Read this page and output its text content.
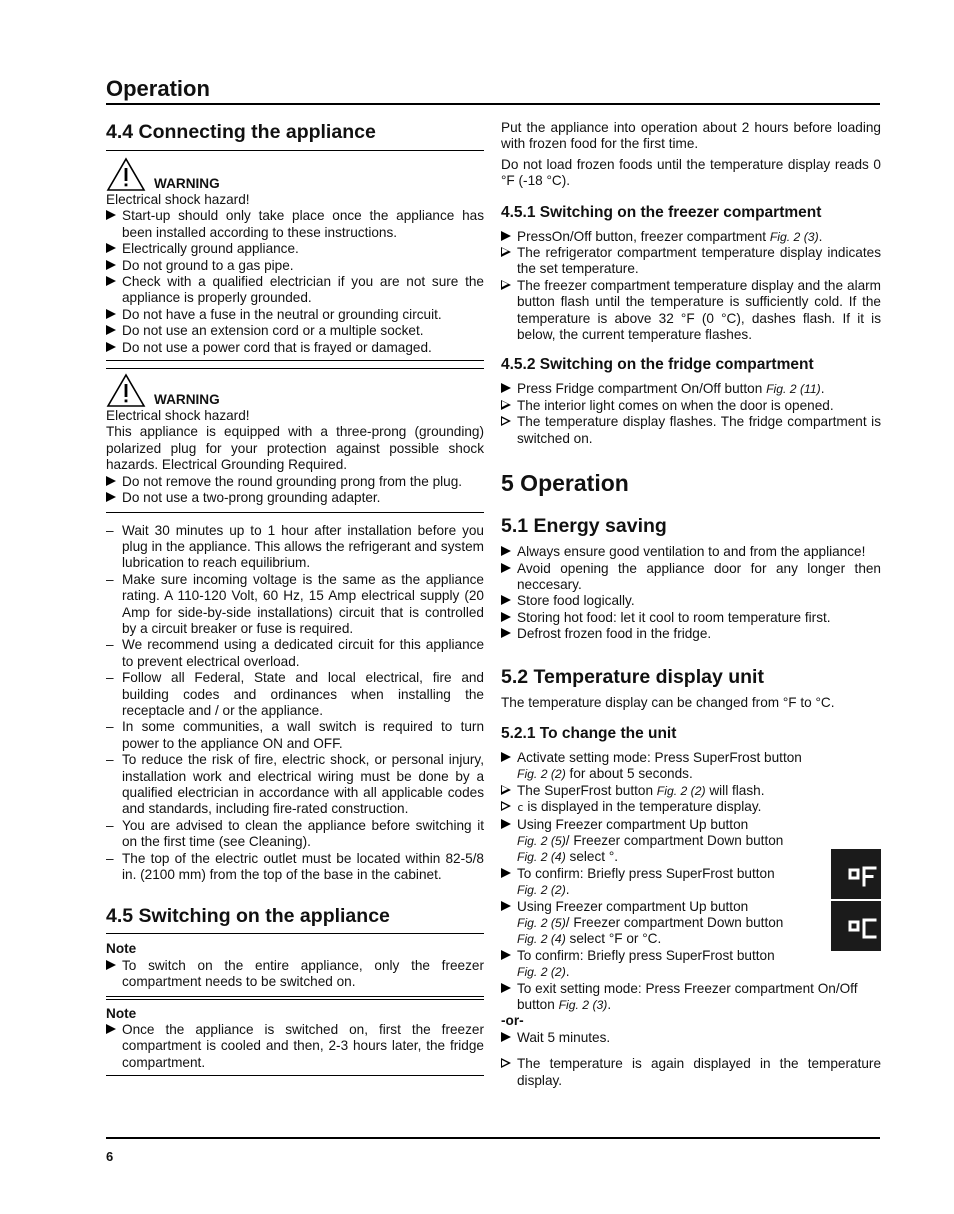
Operation
4.4 Connecting the appliance
WARNING

Electrical shock hazard!

Start-up should only take place once the appliance has been installed according to these instructions.
Electrically ground appliance.
Do not ground to a gas pipe.
Check with a qualified electrician if you are not sure the appliance is properly grounded.
Do not have a fuse in the neutral or grounding circuit.
Do not use an extension cord or a multiple socket.
Do not use a power cord that is frayed or damaged.
WARNING

Electrical shock hazard!

This appliance is equipped with a three-prong (grounding) polarized plug for your protection against possible shock hazards. Electrical Grounding Required.

Do not remove the round grounding prong from the plug.
Do not use a two-prong grounding adapter.
– Wait 30 minutes up to 1 hour after installation before you plug in the appliance. This allows the refrigerant and system lubrication to reach equilibrium.
– Make sure incoming voltage is the same as the appliance rating. A 110-120 Volt, 60 Hz, 15 Amp electrical supply (20 Amp for side-by-side installations) circuit that is controlled by a circuit breaker or fuse is required.
– We recommend using a dedicated circuit for this appliance to prevent electrical overload.
– Follow all Federal, State and local electrical, fire and building codes and ordinances when installing the receptacle and / or the appliance.
– In some communities, a wall switch is required to turn power to the appliance ON and OFF.
– To reduce the risk of fire, electric shock, or personal injury, installation work and electrical wiring must be done by a qualified electrician in accordance with all applicable codes and standards, including fire-rated construction.
– You are advised to clean the appliance before switching it on the first time (see Cleaning).
– The top of the electric outlet must be located within 82-5/8 in. (2100 mm) from the top of the base in the cabinet.
4.5 Switching on the appliance

Note

To switch on the entire appliance, only the freezer compartment needs to be switched on.

Note

Once the appliance is switched on, first the freezer compartment is cooled and then, 2-3 hours later, the fridge compartment.

Put the appliance into operation about 2 hours before loading with frozen food for the first time.

Do not load frozen foods until the temperature display reads 0 °F (-18 °C).

4.5.1 Switching on the freezer compartment
PressOn/Off button, freezer compartment Fig. 2 (3).
The refrigerator compartment temperature display indicates the set temperature.
The freezer compartment temperature display and the alarm button flash until the temperature is sufficiently cold. If the temperature is above 32 °F (0 °C), dashes flash. If it is below, the current temperature flashes.
4.5.2 Switching on the fridge compartment
Press Fridge compartment On/Off button Fig. 2 (11).
The interior light comes on when the door is opened.
The temperature display flashes. The fridge compartment is switched on.
5 Operation
5.1 Energy saving
Always ensure good ventilation to and from the appliance!
Avoid opening the appliance door for any longer then neccesary.
Store food logically.
Storing hot food: let it cool to room temperature first.
Defrost frozen food in the fridge.
5.2 Temperature display unit

The temperature display can be changed from °F to °C.

5.2.1 To change the unit
Activate setting mode: Press SuperFrost button
Fig. 2 (2) for about 5 seconds.
The SuperFrost button Fig. 2 (2) will flash.
c is displayed in the temperature display.
Using Freezer compartment Up button
Fig. 2 (5)/ Freezer compartment Down button
Fig. 2 (4) select °.
To confirm: Briefly press SuperFrost button
Fig. 2 (2).
Using Freezer compartment Up button
Fig. 2 (5)/ Freezer compartment Down button
Fig. 2 (4) select °F or °C.
To confirm: Briefly press SuperFrost button
Fig. 2 (2).
To exit setting mode: Press Freezer compartment On/Off button Fig. 2 (3).

-or-

Wait 5 minutes.
The temperature is again displayed in the temperature display.
6
